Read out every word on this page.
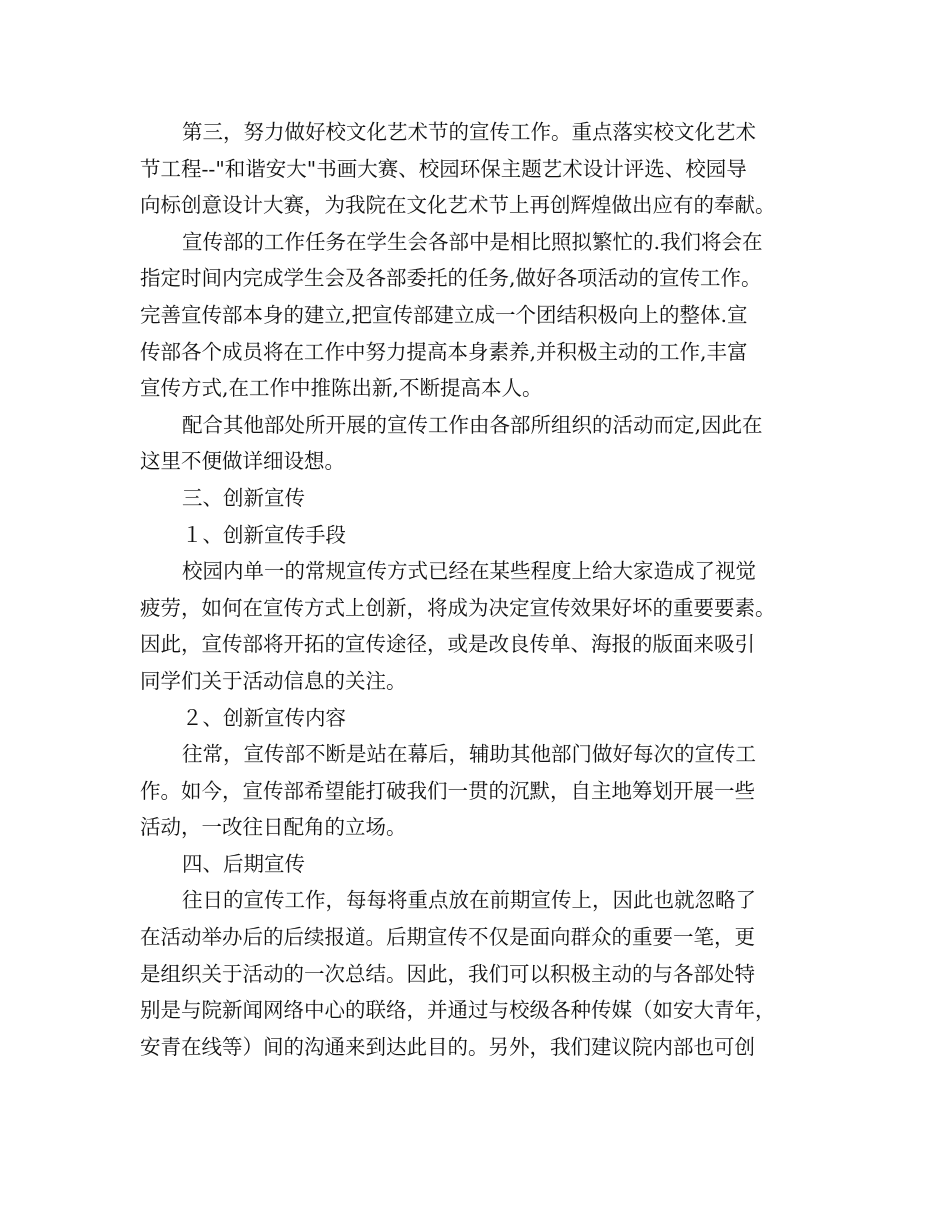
第三，努力做好校文化艺术节的宣传工作。重点落实校文化艺术
节工程--"和谐安大"书画大赛、校园环保主题艺术设计评选、校园导
向标创意设计大赛，为我院在文化艺术节上再创辉煌做出应有的奉献。
宣传部的工作任务在学生会各部中是相比照拟繁忙的.我们将会在
指定时间内完成学生会及各部委托的任务,做好各项活动的宣传工作。
完善宣传部本身的建立,把宣传部建立成一个团结积极向上的整体.宣
传部各个成员将在工作中努力提高本身素养,并积极主动的工作,丰富
宣传方式,在工作中推陈出新,不断提高本人。
配合其他部处所开展的宣传工作由各部所组织的活动而定,因此在
这里不便做详细设想。
三、创新宣传
１、创新宣传手段
校园内单一的常规宣传方式已经在某些程度上给大家造成了视觉
疲劳，如何在宣传方式上创新，将成为决定宣传效果好坏的重要要素。
因此，宣传部将开拓的宣传途径，或是改良传单、海报的版面来吸引
同学们关于活动信息的关注。
２、创新宣传内容
往常，宣传部不断是站在幕后，辅助其他部门做好每次的宣传工
作。如今，宣传部希望能打破我们一贯的沉默，自主地筹划开展一些
活动，一改往日配角的立场。
四、后期宣传
往日的宣传工作，每每将重点放在前期宣传上，因此也就忽略了
在活动举办后的后续报道。后期宣传不仅是面向群众的重要一笔，更
是组织关于活动的一次总结。因此，我们可以积极主动的与各部处特
别是与院新闻网络中心的联络，并通过与校级各种传媒（如安大青年，
安青在线等）间的沟通来到达此目的。另外，我们建议院内部也可创
